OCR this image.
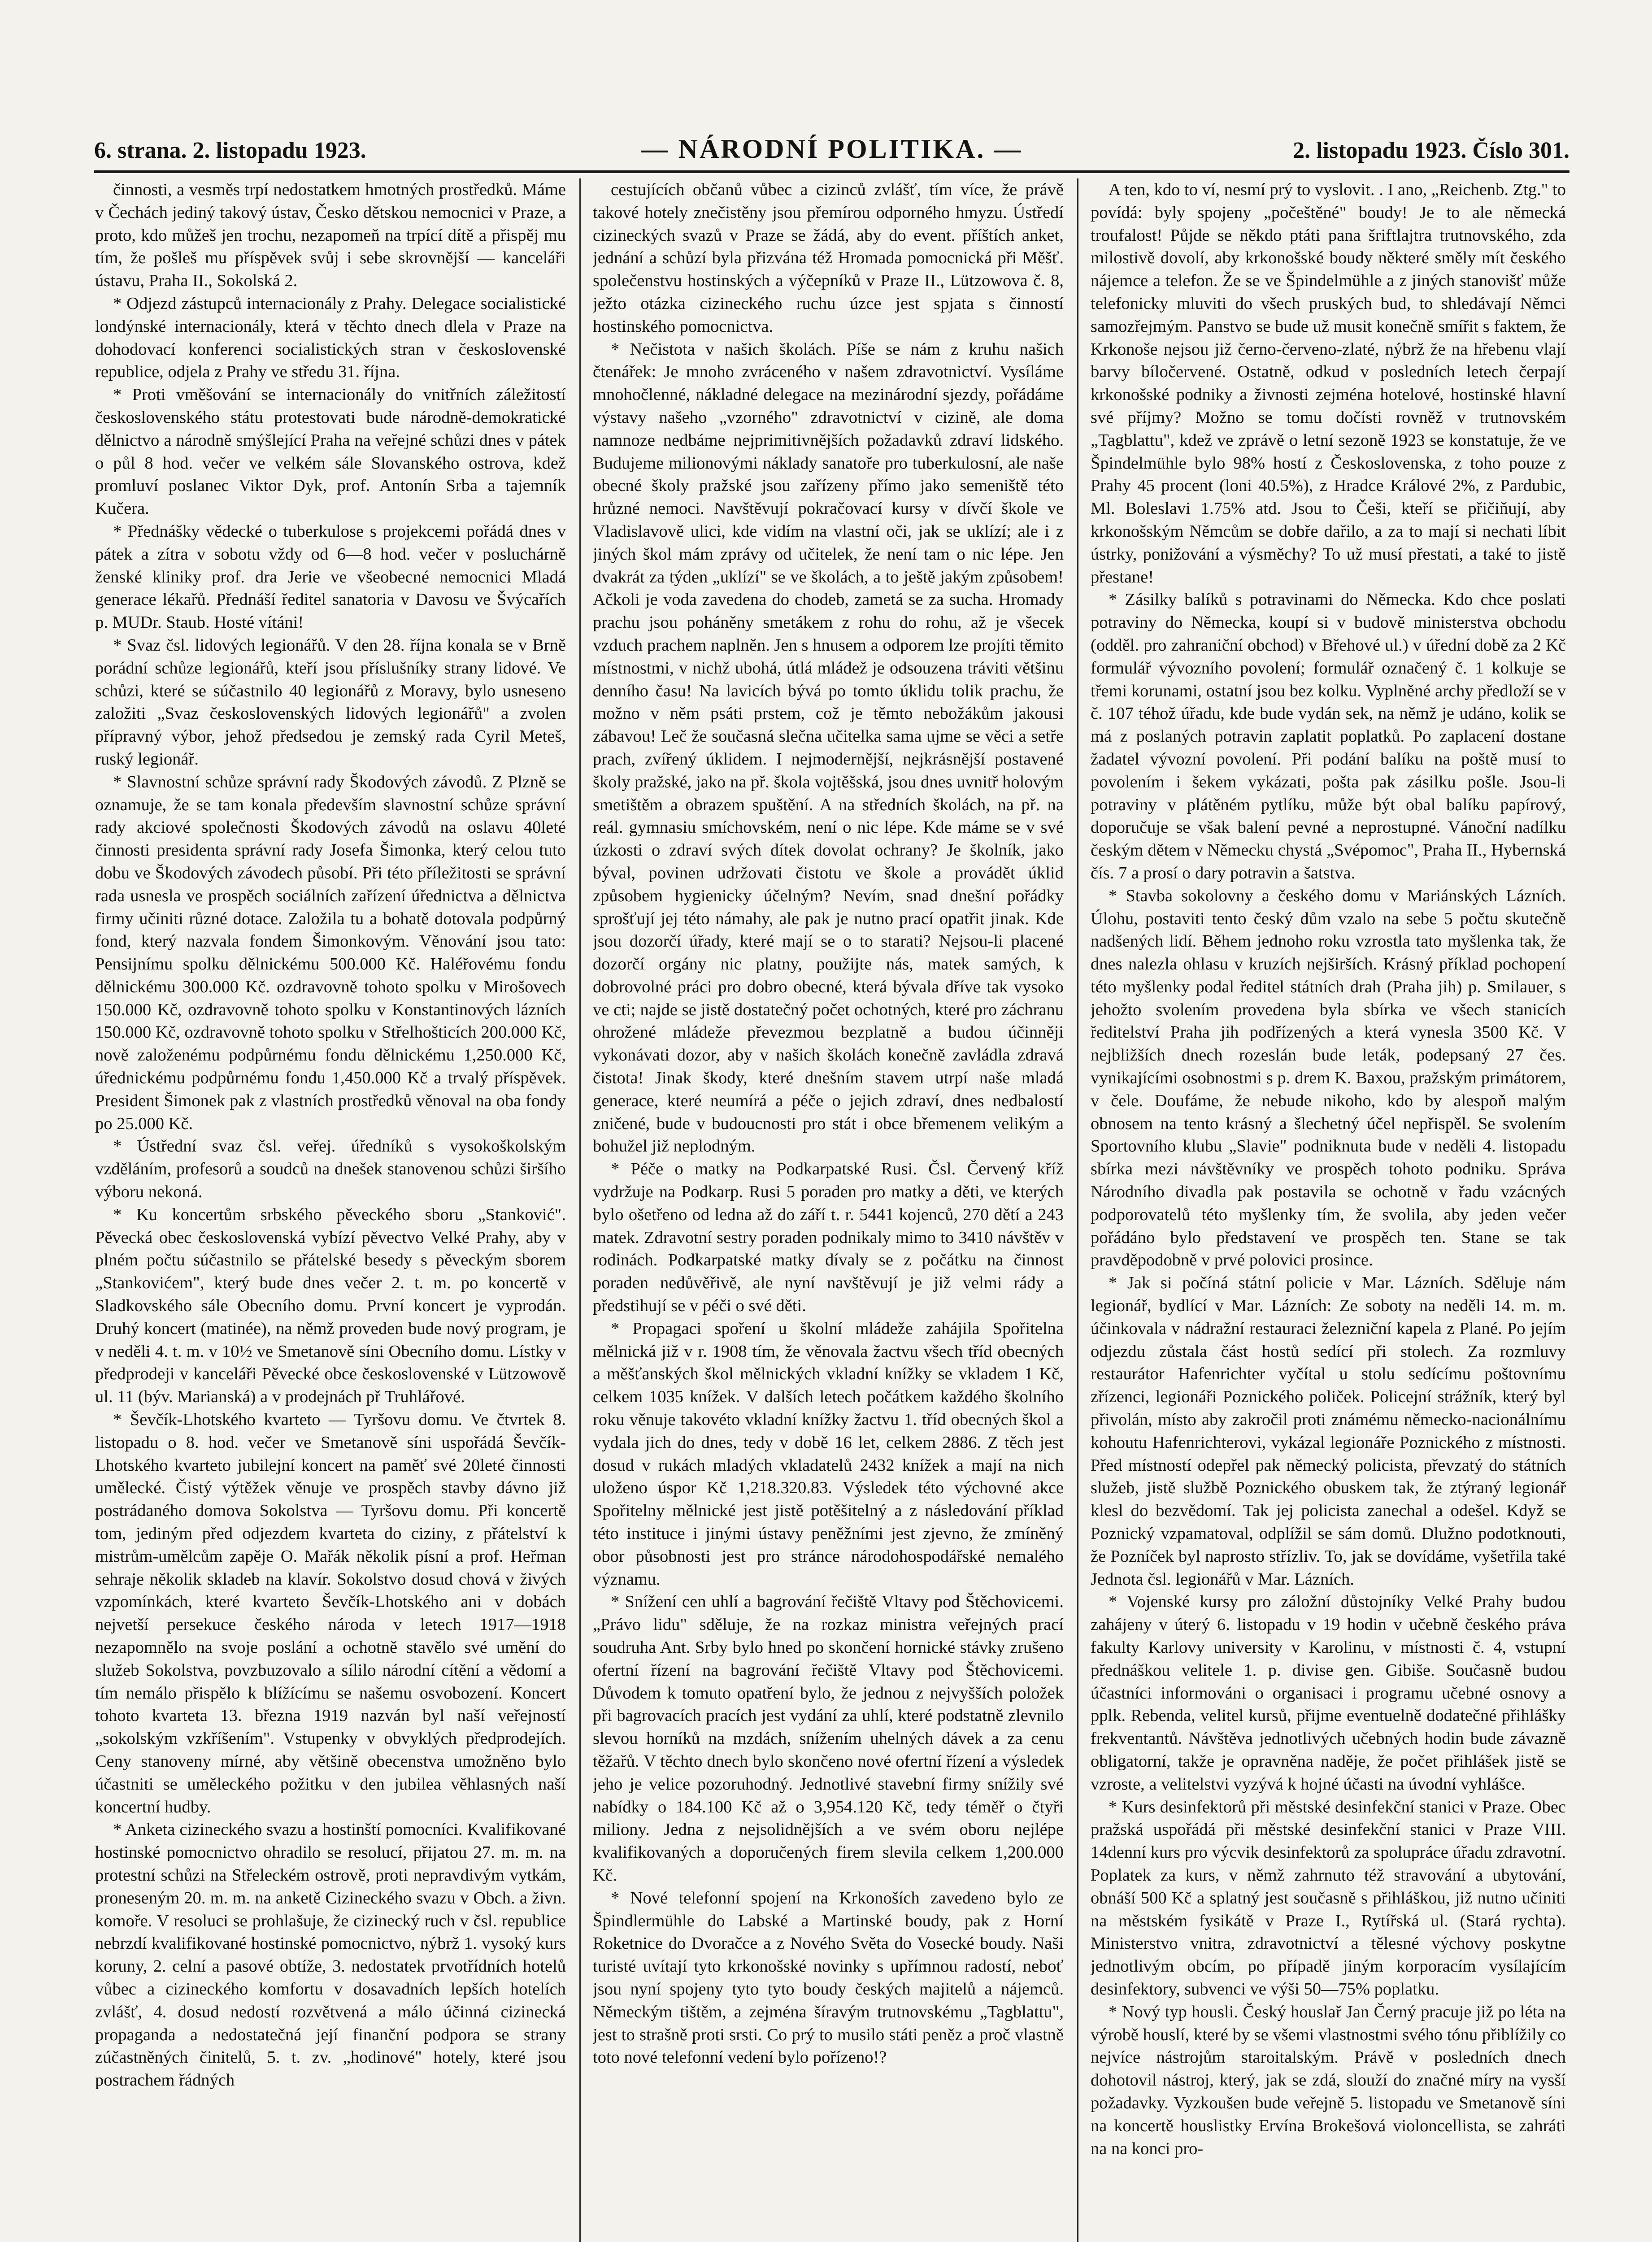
6. strana. 2. listopadu 1923.	— NÁRODNÍ POLITIKA. —	2. listopadu 1923. Číslo 301.

činnosti, a vesměs trpí nedostatkem hmotných prostředků. Máme v Čechách jediný takový ústav, Česko dětskou nemocnici v Praze, a proto, kdo můžeš jen trochu, nezapomeň na trpící dítě a přispěj mu tím, že pošleš mu příspěvek svůj i sebe skrovnější — kanceláři ústavu, Praha II., Sokolská 2.

* Odjezd zástupců internacionály z Prahy. Delegace socialistické londýnské internacionály, která v těchto dnech dlela v Praze na dohodovací konferenci socialistických stran v československé republice, odjela z Prahy ve středu 31. října.

* Proti vměšování se internacionály do vnitřních záležitostí československého státu protestovati bude národně-demokratické dělnictvo a národně smýšlející Praha na veřejné schůzi dnes v pátek o půl 8 hod. večer ve velkém sále Slovanského ostrova, kdež promluví poslanec Viktor Dyk, prof. Antonín Srba a tajemník Kučera.

* Přednášky vědecké o tuberkulose s projekcemi pořádá dnes v pátek a zítra v sobotu vždy od 6—8 hod. večer v posluchárně ženské kliniky prof. dra Jerie ve všeobecné nemocnici Mladá generace lékařů. Přednáší ředitel sanatoria v Davosu ve Švýcařích p. MUDr. Staub. Hosté vítáni!

* Svaz čsl. lidových legionářů. V den 28. října konala se v Brně porádní schůze legionářů, kteří jsou příslušníky strany lidové. Ve schůzi, které se súčastnilo 40 legionářů z Moravy, bylo usneseno založiti „Svaz československých lidových legionářů" a zvolen přípravný výbor, jehož předsedou je zemský rada Cyril Meteš, ruský legionář.

* Slavnostní schůze správní rady Škodových závodů. Z Plzně se oznamuje, že se tam konala především slavnostní schůze správní rady akciové společnosti Škodových závodů na oslavu 40leté činnosti presidenta správní rady Josefa Šimonka, který celou tuto dobu ve Škodových závodech působí. Při této příležitosti se správní rada usnesla ve prospěch sociálních zařízení úřednictva a dělnictva firmy učiniti různé dotace. Založila tu a bohatě dotovala podpůrný fond, který nazvala fondem Šimonkovým. Věnování jsou tato: Pensijnímu spolku dělnickému 500.000 Kč. Haléřovému fondu dělnickému 300.000 Kč. ozdravovně tohoto spolku v Mirošovech 150.000 Kč, ozdravovně tohoto spolku v Konstantinových lázních 150.000 Kč, ozdravovně tohoto spolku v Střelhošticích 200.000 Kč, nově založenému podpůrnému fondu dělnickému 1,250.000 Kč, úřednickému podpůrnému fondu 1,450.000 Kč a trvalý příspěvek. President Šimonek pak z vlastních prostředků věnoval na oba fondy po 25.000 Kč.

* Ústřední svaz čsl. veřej. úředníků s vysokoškolským vzděláním, profesorů a soudců na dnešek stanovenou schůzi širšího výboru nekoná.

* Ku koncertům srbského pěveckého sboru „Stanković". Pěvecká obec československá vybízí pěvectvo Velké Prahy, aby v plném počtu súčastnilo se přátelské besedy s pěveckým sborem „Stankovićem", který bude dnes večer 2. t. m. po koncertě v Sladkovského sále Obecního domu. První koncert je vyprodán. Druhý koncert (matinée), na němž proveden bude nový program, je v neděli 4. t. m. v 10½ ve Smetanově síni Obecního domu. Lístky v předprodeji v kanceláři Pěvecké obce československé v Lützowově ul. 11 (býv. Marianská) a v prodejnách př Truhlářové.

* Ševčík-Lhotského kvarteto — Tyršovu domu. Ve čtvrtek 8. listopadu o 8. hod. večer ve Smetanově síni uspořádá Ševčík-Lhotského kvarteto jubilejní koncert na paměť své 20leté činnosti umělecké. Čistý výtěžek věnuje ve prospěch stavby dávno již postrádaného domova Sokolstva — Tyršovu domu. Při koncertě tom, jediným před odjezdem kvarteta do ciziny, z přátelství k mistrům-umělcům zapěje O. Mařák několik písní a prof. Heřman sehraje několik skladeb na klavír. Sokolstvo dosud chová v živých vzpomínkách, které kvarteto Ševčík-Lhotského ani v dobách nejvetší persekuce českého národa v letech 1917—1918 nezapomnělo na svoje poslání a ochotně stavělo své umění do služeb Sokolstva, povzbuzovalo a sílilo národní cítění a vědomí a tím nemálo přispělo k blížícímu se našemu osvobození. Koncert tohoto kvarteta 13. března 1919 nazván byl naší veřejností „sokolským vzkříšením". Vstupenky v obvyklých předprodejích. Ceny stanoveny mírné, aby většině obecenstva umožněno bylo účastniti se uměleckého požitku v den jubilea věhlasných naší koncertní hudby.

* Anketa cizineckého svazu a hostinští pomocníci. Kvalifikované hostinské pomocnictvo ohradilo se resolucí, přijatou 27. m. m. na protestní schůzi na Střeleckém ostrově, proti nepravdivým vytkám, proneseným 20. m. m. na anketě Cizineckého svazu v Obch. a živn. komoře. V resoluci se prohlašuje, že cizinecký ruch v čsl. republice nebrzdí kvalifikované hostinské pomocnictvo, nýbrž 1. vysoký kurs koruny, 2. celní a pasové obtíže, 3. nedostatek prvotřídních hotelů vůbec a cizineckého komfortu v dosavadních lepších hotelích zvlášť, 4. dosud nedostí rozvětvená a málo účinná cizinecká propaganda a nedostatečná její finanční podpora se strany zúčastněných činitelů, 5. t. zv. „hodinové" hotely, které jsou postrachem řádných

cestujících občanů vůbec a cizinců zvlášť, tím více, že právě takové hotely znečistěny jsou přemírou odporného hmyzu. Ústředí cizineckých svazů v Praze se žádá, aby do event. příštích anket, jednání a schůzí byla přizvána též Hromada pomocnická při Měšť. společenstvu hostinských a výčepníků v Praze II., Lützowova č. 8, ježto otázka cizineckého ruchu úzce jest spjata s činností hostinského pomocnictva.

* Nečistota v našich školách. Píše se nám z kruhu našich čtenářek: Je mnoho zvráceného v našem zdravotnictví. Vysíláme mnohočlenné, nákladné delegace na mezinárodní sjezdy, pořádáme výstavy našeho „vzorného" zdravotnictví v cizině, ale doma namnoze nedbáme nejprimitivnějších požadavků zdraví lidského. Budujeme milionovými náklady sanatoře pro tuberkulosní, ale naše obecné školy pražské jsou zařízeny přímo jako semeniště této hrůzné nemoci. Navštěvují pokračovací kursy v dívčí škole ve Vladislavově ulici, kde vidím na vlastní oči, jak se uklízí; ale i z jiných škol mám zprávy od učitelek, že není tam o nic lépe. Jen dvakrát za týden „uklízí" se ve školách, a to ještě jakým způsobem! Ačkoli je voda zavedena do chodeb, zametá se za sucha. Hromady prachu jsou poháněny smetákem z rohu do rohu, až je všecek vzduch prachem naplněn. Jen s hnusem a odporem lze projíti těmito místnostmi, v nichž ubohá, útlá mládež je odsouzena tráviti většinu denního času! Na lavicích bývá po tomto úklidu tolik prachu, že možno v něm psáti prstem, což je těmto nebožákům jakousi zábavou! Leč že současná slečna učitelka sama ujme se věci a setře prach, zvířený úklidem. I nejmodernější, nejkrásnější postavené školy pražské, jako na př. škola vojtěšská, jsou dnes uvnitř holovým smetištěm a obrazem spuštění. A na středních školách, na př. na reál. gymnasiu smíchovském, není o nic lépe. Kde máme se v své úzkosti o zdraví svých dítek dovolat ochrany? Je školník, jako býval, povinen udržovati čistotu ve škole a provádět úklid způsobem hygienicky účelným? Nevím, snad dnešní pořádky sprošťují jej této námahy, ale pak je nutno prací opatřit jinak. Kde jsou dozorčí úřady, které mají se o to starati? Nejsou-li placené dozorčí orgány nic platny, použijte nás, matek samých, k dobrovolné práci pro dobro obecné, která bývala dříve tak vysoko ve cti; najde se jistě dostatečný počet ochotných, které pro záchranu ohrožené mládeže převezmou bezplatně a budou účinněji vykonávati dozor, aby v našich školách konečně zavládla zdravá čistota! Jinak škody, které dnešním stavem utrpí naše mladá generace, které neumírá a péče o jejich zdraví, dnes nedbalostí zničené, bude v budoucnosti pro stát i obce břemenem velikým a bohužel již neplodným.

* Péče o matky na Podkarpatské Rusi. Čsl. Červený kříž vydržuje na Podkarp. Rusi 5 poraden pro matky a děti, ve kterých bylo ošetřeno od ledna až do září t. r. 5441 kojenců, 270 dětí a 243 matek. Zdravotní sestry poraden podnikaly mimo to 3410 návštěv v rodinách. Podkarpatské matky dívaly se z počátku na činnost poraden nedůvěřivě, ale nyní navštěvují je již velmi rády a předstihují se v péči o své děti.

* Propagaci spoření u školní mládeže zahájila Spořitelna mělnická již v r. 1908 tím, že věnovala žactvu všech tříd obecných a měšťanských škol mělnických vkladní knížky se vkladem 1 Kč, celkem 1035 knížek. V dalších letech počátkem každého školního roku věnuje takovéto vkladní knížky žactvu 1. tříd obecných škol a vydala jich do dnes, tedy v době 16 let, celkem 2886. Z těch jest dosud v rukách mladých vkladatelů 2432 knížek a mají na nich uloženo úspor Kč 1,218.320.83. Výsledek této výchovné akce Spořitelny mělnické jest jistě potěšitelný a z následování příklad této instituce i jinými ústavy peněžními jest zjevno, že zmíněný obor působnosti jest pro stránce národohospodářské nemalého významu.

* Snížení cen uhlí a bagrování řečiště Vltavy pod Štěchovicemi. „Právo lidu" sděluje, že na rozkaz ministra veřejných prací soudruha Ant. Srby bylo hned po skončení hornické stávky zrušeno ofertní řízení na bagrování řečiště Vltavy pod Štěchovicemi. Důvodem k tomuto opatření bylo, že jednou z nejvyšších položek při bagrovacích pracích jest vydání za uhlí, které podstatně zlevnilo slevou horníků na mzdách, snížením uhelných dávek a za cenu těžařů. V těchto dnech bylo skončeno nové ofertní řízení a výsledek jeho je velice pozoruhodný. Jednotlivé stavební firmy snížily své nabídky o 184.100 Kč až o 3,954.120 Kč, tedy téměř o čtyři miliony. Jedna z nejsolidnějších a ve svém oboru nejlépe kvalifikovaných a doporučených firem slevila celkem 1,200.000 Kč.

* Nové telefonní spojení na Krkonoších zavedeno bylo ze Špindlermühle do Labské a Martinské boudy, pak z Horní Roketnice do Dvoračce a z Nového Světa do Vosecké boudy. Naši turisté uvítají tyto krkonošské novinky s upřímnou radostí, neboť jsou nyní spojeny tyto tyto boudy českých majitelů a nájemců. Německým tištěm, a zejména šíravým trutnovskému „Tagblattu", jest to strašně proti srsti. Co prý to musilo státi peněz a proč vlastně toto nové telefonní vedení bylo pořízeno!?

A ten, kdo to ví, nesmí prý to vyslovit. . I ano, „Reichenb. Ztg." to povídá: byly spojeny „počeštěné" boudy! Je to ale německá troufalost! Půjde se někdo ptáti pana šriftlajtra trutnovského, zda milostivě dovolí, aby krkonošské boudy některé směly mít českého nájemce a telefon. Že se ve Špindelmühle a z jiných stanovišť může telefonicky mluviti do všech pruských bud, to shledávají Němci samozřejmým. Panstvo se bude už musit konečně smířit s faktem, že Krkonoše nejsou již černo-červeno-zlaté, nýbrž že na hřebenu vlají barvy bíločervené. Ostatně, odkud v posledních letech čerpají krkonošské podniky a živnosti zejména hotelové, hostinské hlavní své příjmy? Možno se tomu dočísti rovněž v trutnovském „Tagblattu", kdež ve zprávě o letní sezoně 1923 se konstatuje, že ve Špindelmühle bylo 98% hostí z Československa, z toho pouze z Prahy 45 procent (loni 40.5%), z Hradce Králové 2%, z Pardubic, Ml. Boleslavi 1.75% atd. Jsou to Češi, kteří se přičiňují, aby krkonošským Němcům se dobře dařilo, a za to mají si nechati líbit ústrky, ponižování a výsměchy? To už musí přestati, a také to jistě přestane!

* Zásilky balíků s potravinami do Německa. Kdo chce poslati potraviny do Německa, koupí si v budově ministerstva obchodu (odděl. pro zahraniční obchod) v Břehové ul.) v úřední době za 2 Kč formulář vývozního povolení; formulář označený č. 1 kolkuje se třemi korunami, ostatní jsou bez kolku. Vyplněné archy předloží se v č. 107 téhož úřadu, kde bude vydán sek, na němž je udáno, kolik se má z poslaných potravin zaplatit poplatků. Po zaplacení dostane žadatel vývozní povolení. Při podání balíku na poště musí to povolením i šekem vykázati, pošta pak zásilku pošle. Jsou-li potraviny v plátěném pytlíku, může být obal balíku papírový, doporučuje se však balení pevné a neprostupné. Vánoční nadílku českým dětem v Německu chystá „Svépomoc", Praha II., Hybernská čís. 7 a prosí o dary potravin a šatstva.

* Stavba sokolovny a českého domu v Mariánských Lázních. Úlohu, postaviti tento český dům vzalo na sebe 5 počtu skutečně nadšených lidí. Během jednoho roku vzrostla tato myšlenka tak, že dnes nalezla ohlasu v kruzích nejširších. Krásný příklad pochopení této myšlenky podal ředitel státních drah (Praha jih) p. Smilauer, s jehožto svolením provedena byla sbírka ve všech stanicích ředitelství Praha jih podřízených a která vynesla 3500 Kč. V nejbližších dnech rozeslán bude leták, podepsaný 27 čes. vynikajícími osobnostmi s p. drem K. Baxou, pražským primátorem, v čele. Doufáme, že nebude nikoho, kdo by alespoň malým obnosem na tento krásný a šlechetný účel nepřispěl. Se svolením Sportovního klubu „Slavie" podniknuta bude v neděli 4. listopadu sbírka mezi návštěvníky ve prospěch tohoto podniku. Správa Národního divadla pak postavila se ochotně v řadu vzácných podporovatelů této myšlenky tím, že svolila, aby jeden večer pořádáno bylo představení ve prospěch ten. Stane se tak pravděpodobně v prvé polovici prosince.

* Jak si počíná státní policie v Mar. Lázních. Sděluje nám legionář, bydlící v Mar. Lázních: Ze soboty na neděli 14. m. m. účinkovala v nádražní restauraci železniční kapela z Plané. Po jejím odjezdu zůstala část hostů sedící při stolech. Za rozmluvy restaurátor Hafenrichter vyčítal u stolu sedícímu poštovnímu zřízenci, legionáři Poznického poliček. Policejní strážník, který byl přivolán, místo aby zakročil proti známému německo-nacionálnímu kohoutu Hafenrichterovi, vykázal legionáře Poznického z místnosti. Před místností odepřel pak německý policista, převzatý do státních služeb, jistě službě Poznického obuskem tak, že ztýraný legionář klesl do bezvědomí. Tak jej policista zanechal a odešel. Když se Poznický vzpamatoval, odplížil se sám domů. Dlužno podotknouti, že Pozníček byl naprosto střízliv. To, jak se dovídáme, vyšetřila také Jednota čsl. legionářů v Mar. Lázních.

* Vojenské kursy pro záložní důstojníky Velké Prahy budou zahájeny v úterý 6. listopadu v 19 hodin v učebně českého práva fakulty Karlovy university v Karolinu, v místnosti č. 4, vstupní přednáškou velitele 1. p. divise gen. Gibiše. Současně budou účastníci informováni o organisaci i programu učebné osnovy a pplk. Rebenda, velitel kursů, přijme eventuelně dodatečné přihlášky frekventantů. Návštěva jednotlivých učebných hodin bude závazně obligatorní, takže je opravněna naděje, že počet přihlášek jistě se vzroste, a velitelstvi vyzývá k hojné účasti na úvodní vyhlášce.

* Kurs desinfektorů při městské desinfekční stanici v Praze. Obec pražská uspořádá při městské desinfekční stanici v Praze VIII. 14denní kurs pro výcvik desinfektorů za spolupráce úřadu zdravotní. Poplatek za kurs, v němž zahrnuto též stravování a ubytování, obnáší 500 Kč a splatný jest současně s přihláškou, již nutno učiniti na městském fysikátě v Praze I., Rytířská ul. (Stará rychta). Ministerstvo vnitra, zdravotnictví a tělesné výchovy poskytne jednotlivým obcím, po případě jiným korporacím vysílajícím desinfektory, subvenci ve výši 50—75% poplatku.

* Nový typ housli. Český houslař Jan Černý pracuje již po léta na výrobě houslí, které by se všemi vlastnostmi svého tónu přiblížily co nejvíce nástrojům staroitalským. Právě v posledních dnech dohotovil nástroj, který, jak se zdá, slouží do značné míry na vysší požadavky. Vyzkoušen bude veřejně 5. listopadu ve Smetanově síni na koncertě houslistky Ervína Brokešová violoncellista, se zahráti na na konci pro-
